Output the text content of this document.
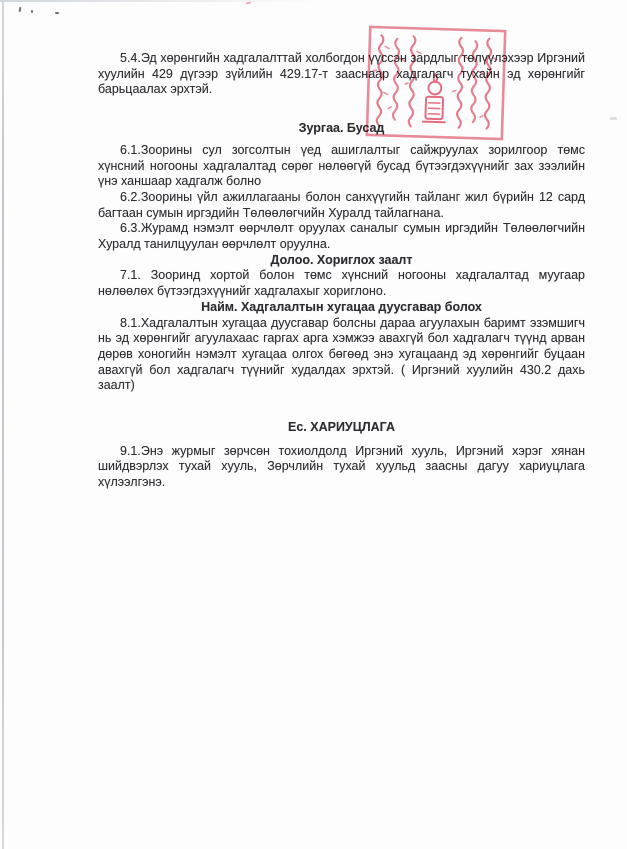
5.4.Эд хөрөнгийн хадгалалттай холбогдон үүссэн зардлыг төлүүлэхээр Иргэний хуулийн 429 дүгээр зүйлийн 429.17-т зааснаар хадгалагч тухайн эд хөрөнгийг барьцаалах эрхтэй.

Зургаа. Бусад

6.1.Зоорины сул зогсолтын үед ашиглалтыг сайжруулах зорилгоор төмс хүнсний ногооны хадгалалтад сөрөг нөлөөгүй бусад бүтээгдэхүүнийг зах зээлийн үнэ ханшаар хадгалж болно

6.2.Зоорины үйл ажиллагааны болон санхүүгийн тайланг жил бүрийн 12 сард багтаан сумын иргэдийн Төлөөлөгчийн Хуралд тайлагнана.

6.3.Журамд нэмэлт өөрчлөлт оруулах саналыг сумын иргэдийн Төлөөлөгчийн Хуралд танилцуулан өөрчлөлт оруулна.

Долоо. Хориглох заалт

7.1. Зооринд хортой болон төмс хүнсний ногооны хадгалалтад муугаар нөлөөлөх бүтээгдэхүүнийг хадгалахыг хориглоно.

Найм. Хадгалалтын хугацаа дуусгавар болох

8.1.Хадгалалтын хугацаа дуусгавар болсны дараа агуулахын баримт эзэмшигч нь эд хөрөнгийг агуулахаас гаргах арга хэмжээ авахгүй бол хадгалагч түүнд арван дөрөв хоногийн нэмэлт хугацаа олгох бөгөөд энэ хугацаанд эд хөрөнгийг буцаан авахгүй бол хадгалагч түүнийг худалдах эрхтэй. ( Иргэний хуулийн 430.2 дахь заалт)

Ес. ХАРИУЦЛАГА

9.1.Энэ журмыг зөрчсөн тохиолдолд Иргэний хууль, Иргэний хэрэг хянан шийдвэрлэх тухай хууль, Зөрчлийн тухай хуульд заасны дагуу хариуцлага хүлээлгэнэ.
